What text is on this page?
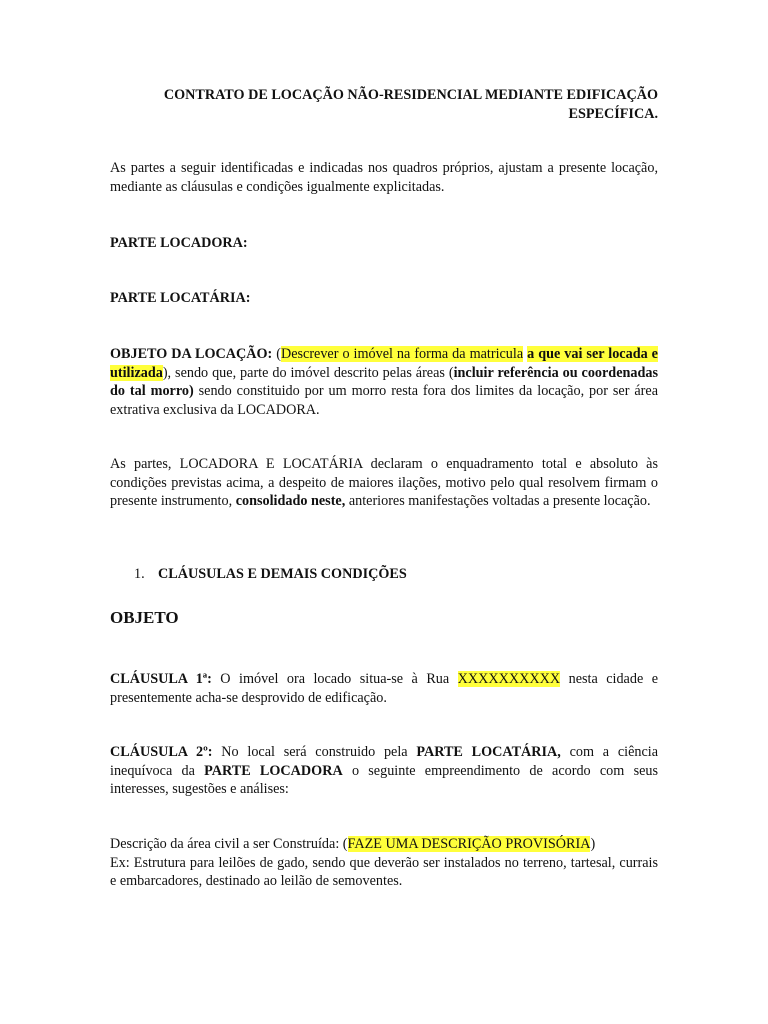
CONTRATO DE LOCAÇÃO NÃO-RESIDENCIAL MEDIANTE EDIFICAÇÃO
ESPECÍFICA.

As partes a seguir identificadas e indicadas nos quadros próprios, ajustam a presente locação, mediante as cláusulas e condições igualmente explicitadas.

PARTE LOCADORA:

PARTE LOCATÁRIA:

OBJETO DA LOCAÇÃO: (Descrever o imóvel na forma da matricula a que vai ser locada e utilizada), sendo que, parte do imóvel descrito pelas áreas (incluir referência ou coordenadas do tal morro) sendo constituido por um morro resta fora dos limites da locação, por ser área extrativa exclusiva da LOCADORA.

As partes, LOCADORA E LOCATÁRIA declaram o enquadramento total e absoluto às condições previstas acima, a despeito de maiores ilações, motivo pelo qual resolvem firmam o presente instrumento, consolidado neste, anteriores manifestações voltadas a presente locação.

1. CLÁUSULAS E DEMAIS CONDIÇÕES

OBJETO

CLÁUSULA 1ª: O imóvel ora locado situa-se à Rua XXXXXXXXXX nesta cidade e presentemente acha-se desprovido de edificação.

CLÁUSULA 2º: No local será construido pela PARTE LOCATÁRIA, com a ciência inequívoca da PARTE LOCADORA o seguinte empreendimento de acordo com seus interesses, sugestões e análises:

Descrição da área civil a ser Construída: (FAZE UMA DESCRIÇÃO PROVISÓRIA)
Ex: Estrutura para leilões de gado, sendo que deverão ser instalados no terreno, tartesal, currais e embarcadores, destinado ao leilão de semoventes.
